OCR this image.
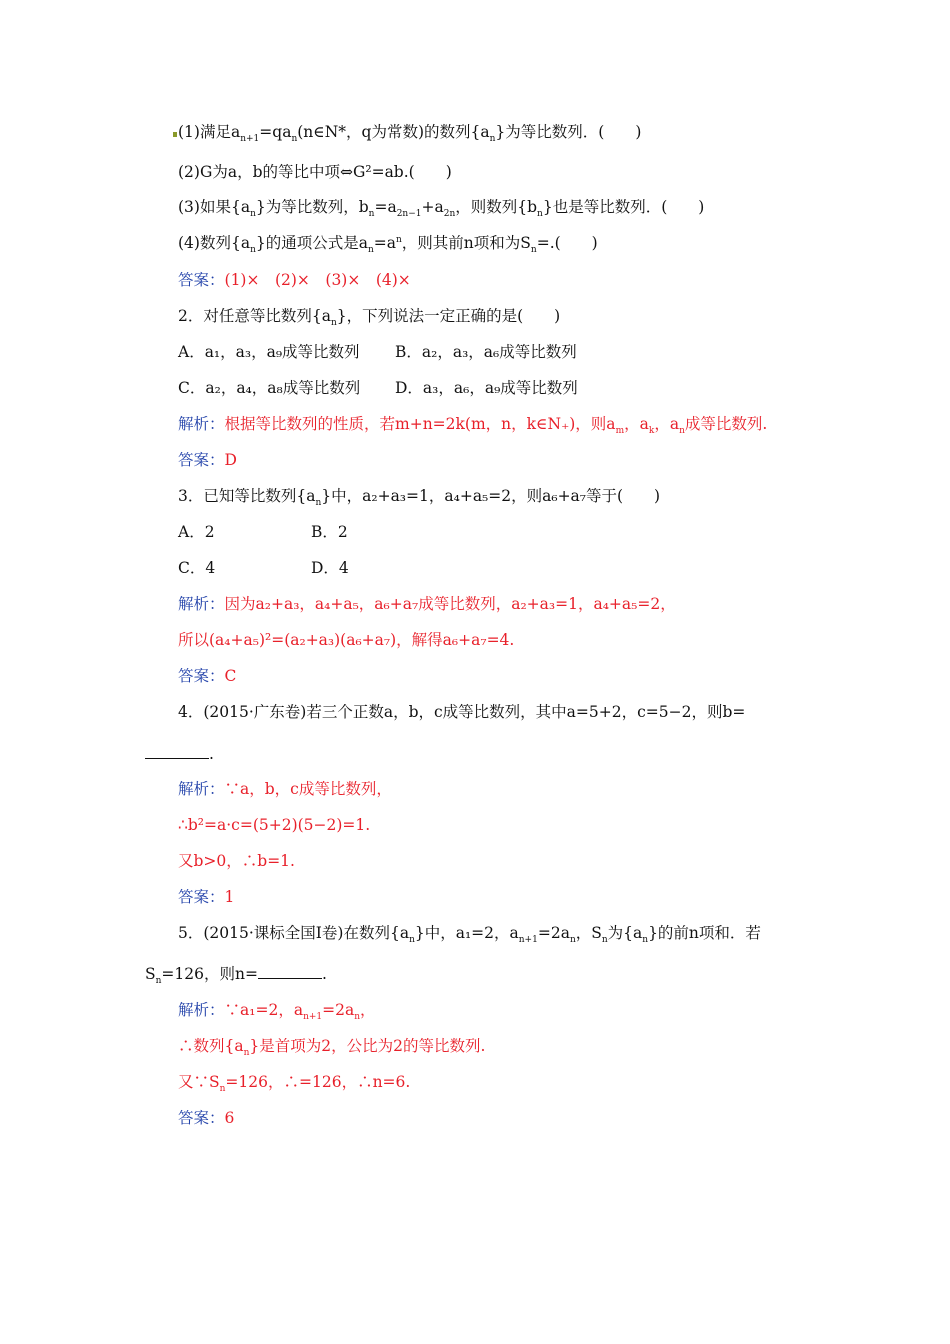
(1)满足$a_{n+1}=qa_n(n\in N*$，q为常数)的数列$\{a_n\}$为等比数列．(　　)
(2)G为a，b的等比中项⇔G²=ab.(　　)
(3)如果$\{a_n\}$为等比数列，$b_n=a_{2n-1}+a_{2n}$，则数列$\{b_n\}$也是等比数列．(　　)
(4)数列$\{a_n\}$的通项公式是$a_n=a^n$，则其前n项和为$S_n=$.(　　)
答案：(1)×　(2)×　(3)×　(4)×
2．对任意等比数列$\{a_n\}$，下列说法一定正确的是(　　)
A．a₁，a₃，a₉成等比数列 B．a₂，a₃，a₆成等比数列
C．a₂，a₄，a₈成等比数列 D．a₃，a₆，a₉成等比数列
解析：根据等比数列的性质，若m+n=2k(m，n，k∈N₊)，则$a_m$，$a_k$，$a_n$成等比数列.
答案：D
3．已知等比数列$\{a_n\}$中，a₂+a₃=1，a₄+a₅=2，则a₆+a₇等于(　　)
A．2	B．2
C．4	D．4
解析：因为a₂+a₃，a₄+a₅，a₆+a₇成等比数列，a₂+a₃=1，a₄+a₅=2，
所以(a₄+a₅)²=(a₂+a₃)(a₆+a₇)，解得a₆+a₇=4.
答案：C
4．(2015·广东卷)若三个正数a，b，c成等比数列，其中a=5+2，c=5−2，则b=
.
解析：∵a，b，c成等比数列，
∴b²=a·c=(5+2)(5−2)=1.
又b>0，∴b=1.
答案：1
5．(2015·课标全国Ⅰ卷)在数列$\{a_n\}$中，a₁=2，$a_{n+1}=2a_n$，$S_n$为$\{a_n\}$的前n项和．若
$S_n=126$，则n=	.
解析：∵a₁=2，$a_{n+1}=2a_n$，
∴数列$\{a_n\}$是首项为2，公比为2的等比数列.
又$\because S_n=126$，∴=126，∴n=6.
答案：6
